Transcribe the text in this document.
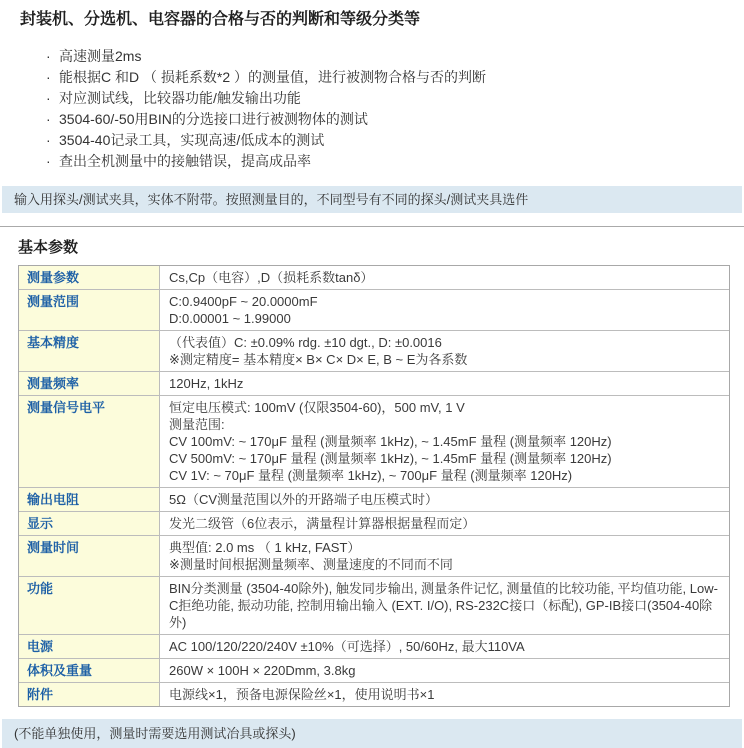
封装机、分选机、电容器的合格与否的判断和等级分类等
· 高速测量2ms
· 能根据C 和D （ 损耗系数*2 ）的测量值，进行被测物合格与否的判断
· 对应测试线，比较器功能/触发输出功能
· 3504-60/-50用BIN的分选接口进行被测物体的测试
· 3504-40记录工具，实现高速/低成本的测试
· 查出全机测量中的接触错误，提高成品率
输入用探头/测试夹具，实体不附带。按照测量目的，不同型号有不同的探头/测试夹具选件
基本参数
测量参数	Cs,Cp（电容）,D（损耗系数tanδ）
测量范围	C:0.9400pF ~ 20.0000mF
D:0.00001 ~ 1.99000
基本精度	（代表值）C: ±0.09% rdg. ±10 dgt., D: ±0.0016
※测定精度= 基本精度× B× C× D× E, B ~ E为各系数
测量频率	120Hz, 1kHz
测量信号电平	恒定电压模式: 100mV (仅限3504-60)，500 mV, 1 V
测量范围:
CV 100mV: ~ 170μF 量程 (测量频率 1kHz), ~ 1.45mF 量程 (测量频率 120Hz)
CV 500mV: ~ 170μF 量程 (测量频率 1kHz), ~ 1.45mF 量程 (测量频率 120Hz)
CV 1V: ~ 70μF 量程 (测量频率 1kHz), ~ 700μF 量程 (测量频率 120Hz)
输出电阻	5Ω（CV测量范围以外的开路端子电压模式时）
显示	发光二级管（6位表示，满量程计算器根据量程而定）
测量时间	典型值: 2.0 ms （ 1 kHz, FAST）
※测量时间根据测量频率、测量速度的不同而不同
功能	BIN分类测量 (3504-40除外), 触发同步输出, 测量条件记忆, 测量值的比较功能, 平均值功能, Low-C拒绝功能, 振动功能, 控制用输出输入 (EXT. I/O), RS-232C接口（标配), GP-IB接口(3504-40除外)
电源	AC 100/120/220/240V ±10%（可选择）, 50/60Hz, 最大110VA
体积及重量	260W × 100H × 220Dmm, 3.8kg
附件	电源线×1，预备电源保险丝×1，使用说明书×1
(不能单独使用，测量时需要选用测试冶具或探头)
